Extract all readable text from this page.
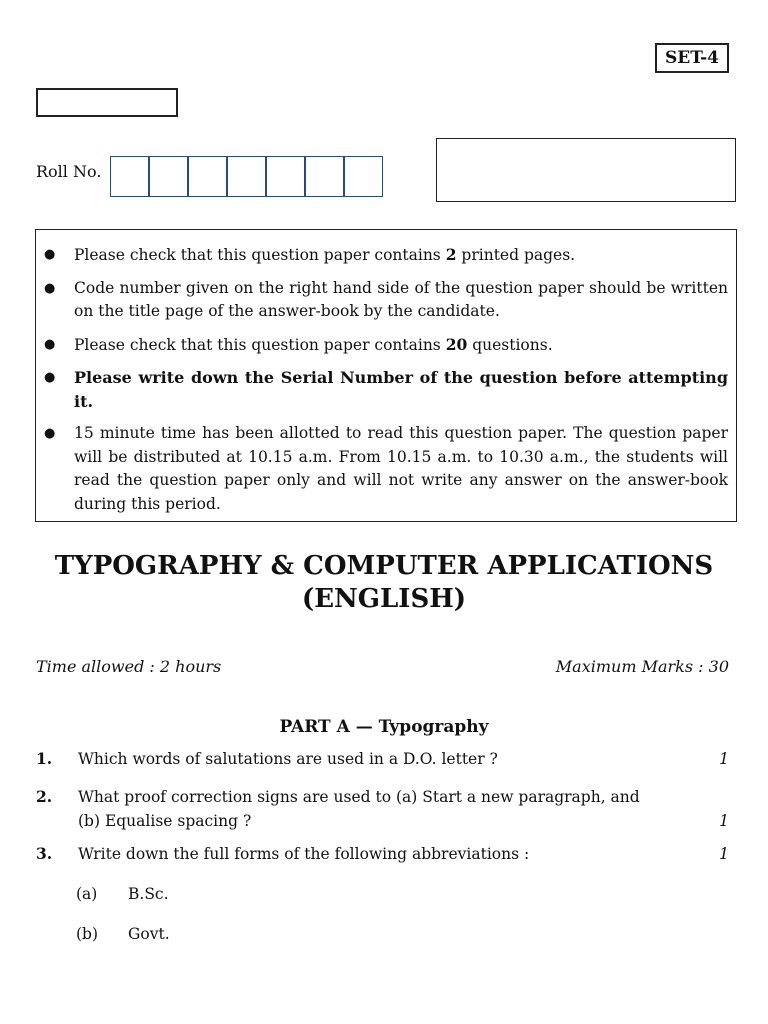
SET-4
Roll No.
●	Please check that this question paper contains 2 printed pages.
●	Code number given on the right hand side of the question paper should be written on the title page of the answer-book by the candidate.
●	Please check that this question paper contains 20 questions.
●	Please write down the Serial Number of the question before attempting it.
●	15 minute time has been allotted to read this question paper. The question paper will be distributed at 10.15 a.m. From 10.15 a.m. to 10.30 a.m., the students will read the question paper only and will not write any answer on the answer-book during this period.
TYPOGRAPHY & COMPUTER APPLICATIONS
(ENGLISH)
Time allowed : 2 hours	Maximum Marks : 30
PART A — Typography
1.	Which words of salutations are used in a D.O. letter ?	1
2.	What proof correction signs are used to (a) Start a new paragraph, and (b) Equalise spacing ?	1
3.	Write down the full forms of the following abbreviations :	1
(a)	B.Sc.
(b)	Govt.
